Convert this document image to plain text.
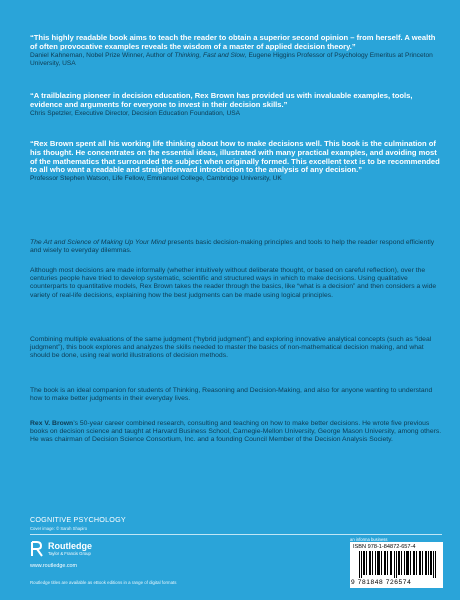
“This highly readable book aims to teach the reader to obtain a superior second opinion – from herself. A wealth of often provocative examples reveals the wisdom of a master of applied decision theory.”

Daniel Kahneman, Nobel Prize Winner, Author of Thinking, Fast and Slow, Eugene Higgins Professor of Psychology Emeritus at Princeton University, USA

“A trailblazing pioneer in decision education, Rex Brown has provided us with invaluable examples, tools, evidence and arguments for everyone to invest in their decision skills.”

Chris Spetzler, Executive Director, Decision Education Foundation, USA

“Rex Brown spent all his working life thinking about how to make decisions well. This book is the culmination of his thought. He concentrates on the essential ideas, illustrated with many practical examples, and avoiding most of the mathematics that surrounded the subject when originally formed. This excellent text is to be recommended to all who want a readable and straightforward introduction to the analysis of any decision.”

Professor Stephen Watson, Life Fellow, Emmanuel College, Cambridge University, UK

The Art and Science of Making Up Your Mind presents basic decision-making principles and tools to help the reader respond efficiently and wisely to everyday dilemmas.

Although most decisions are made informally (whether intuitively without deliberate thought, or based on careful reflection), over the centuries people have tried to develop systematic, scientific and structured ways in which to make decisions. Using qualitative counterparts to quantitative models, Rex Brown takes the reader through the basics, like “what is a decision” and then considers a wide variety of real-life decisions, explaining how the best judgments can be made using logical principles.

Combining multiple evaluations of the same judgment (“hybrid judgment”) and exploring innovative analytical concepts (such as “ideal judgment”), this book explores and analyzes the skills needed to master the basics of non-mathematical decision making, and what should be done, using real world illustrations of decision methods.

The book is an ideal companion for students of Thinking, Reasoning and Decision-Making, and also for anyone wanting to understand how to make better judgments in their everyday lives.

Rex V. Brown’s 50-year career combined research, consulting and teaching on how to make better decisions. He wrote five previous books on decision science and taught at Harvard Business School, Carnegie-Mellon University, George Mason University, among others. He was chairman of Decision Science Consortium, Inc. and a founding Council Member of the Decision Analysis Society.

COGNITIVE PSYCHOLOGY
Cover image: © Sarah Shapiro
Routledge
Taylor & Francis Group
www.routledge.com
Routledge titles are available as eBook editions in a range of digital formats
an informa business
ISBN 978-1-84872-657-4
9 781848 726574
